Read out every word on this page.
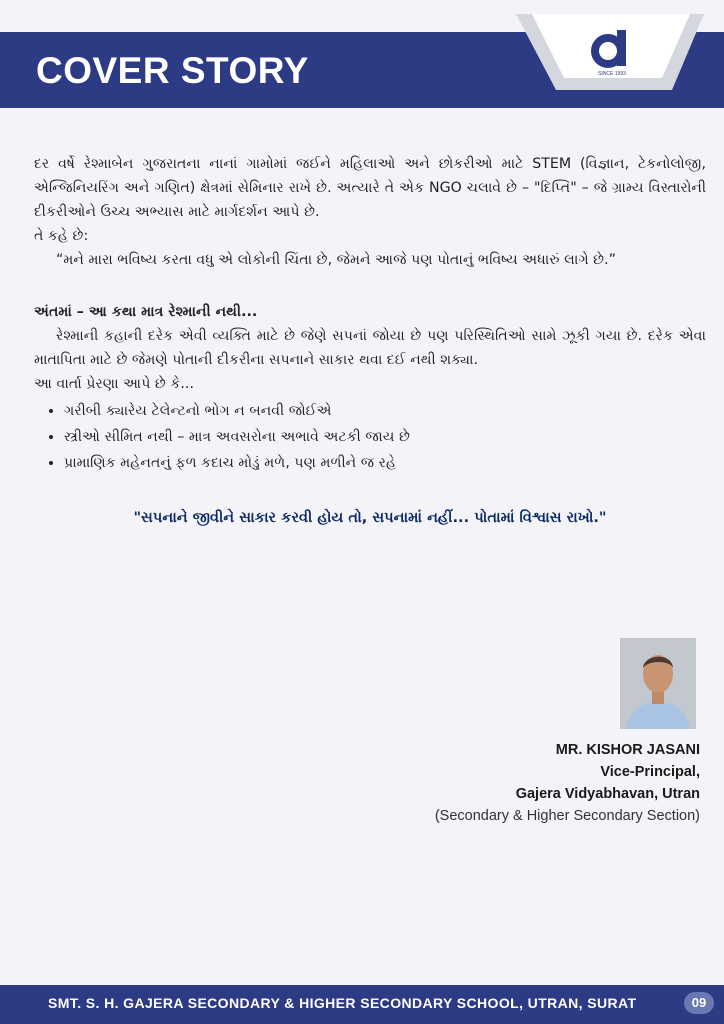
COVER STORY	SINCE 1993

દર વર્ષે રેશ્માબેન ગુજરાતના નાનાં ગામોમાં જઈને મહિલાઓ અને છોકરીઓ માટે STEM (વિજ્ઞાન, ટેકનોલોજી, એન્જિનિયરિંગ અને ગણિત) ક્ષેત્રમાં સેમિનાર રાખે છે. અત્યારે તે એક NGO ચલાવે છે – "દિપ્તિ" – જે ગ્રામ્ય વિસ્તારોની દીકરીઓને ઉચ્ચ અભ્યાસ માટે માર્ગદર્શન આપે છે.

તે કહે છે:

“મને મારા ભવિષ્ય કરતા વધુ એ લોકોની ચિંતા છે, જેમને આજે પણ પોતાનું ભવિષ્ય અધારું લાગે છે.”

અંતમાં – આ કથા માત્ર રેશ્માની નથી...

રેશ્માની કહાની દરેક એવી વ્યક્તિ માટે છે જેણે સપનાં જોયા છે પણ પરિસ્થિતિઓ સામે ઝૂકી ગયા છે. દરેક એવા માતાપિતા માટે છે જેમણે પોતાની દીકરીના સપનાને સાકાર થવા દઈ નથી શક્યા.

આ વાર્તા પ્રેરણા આપે છે કે...

• ગરીબી ક્યારેય ટેલેન્ટનો ભોગ ન બનવી જોઈએ
• સ્ત્રીઓ સીમિત નથી – માત્ર અવસરોના અભાવે અટકી જાય છે
• પ્રામાણિક મહેનતનું ફળ કદાચ મોડું મળે, પણ મળીને જ રહે

"સપનાને જીવીને સાકાર કરવી હોય તો, સપનામાં નહીં... પોતામાં વિશ્વાસ રાખો."

MR. KISHOR JASANI
Vice-Principal,
Gajera Vidyabhavan, Utran
(Secondary & Higher Secondary Section)
SMT. S. H. GAJERA SECONDARY & HIGHER SECONDARY SCHOOL, UTRAN, SURAT	09
